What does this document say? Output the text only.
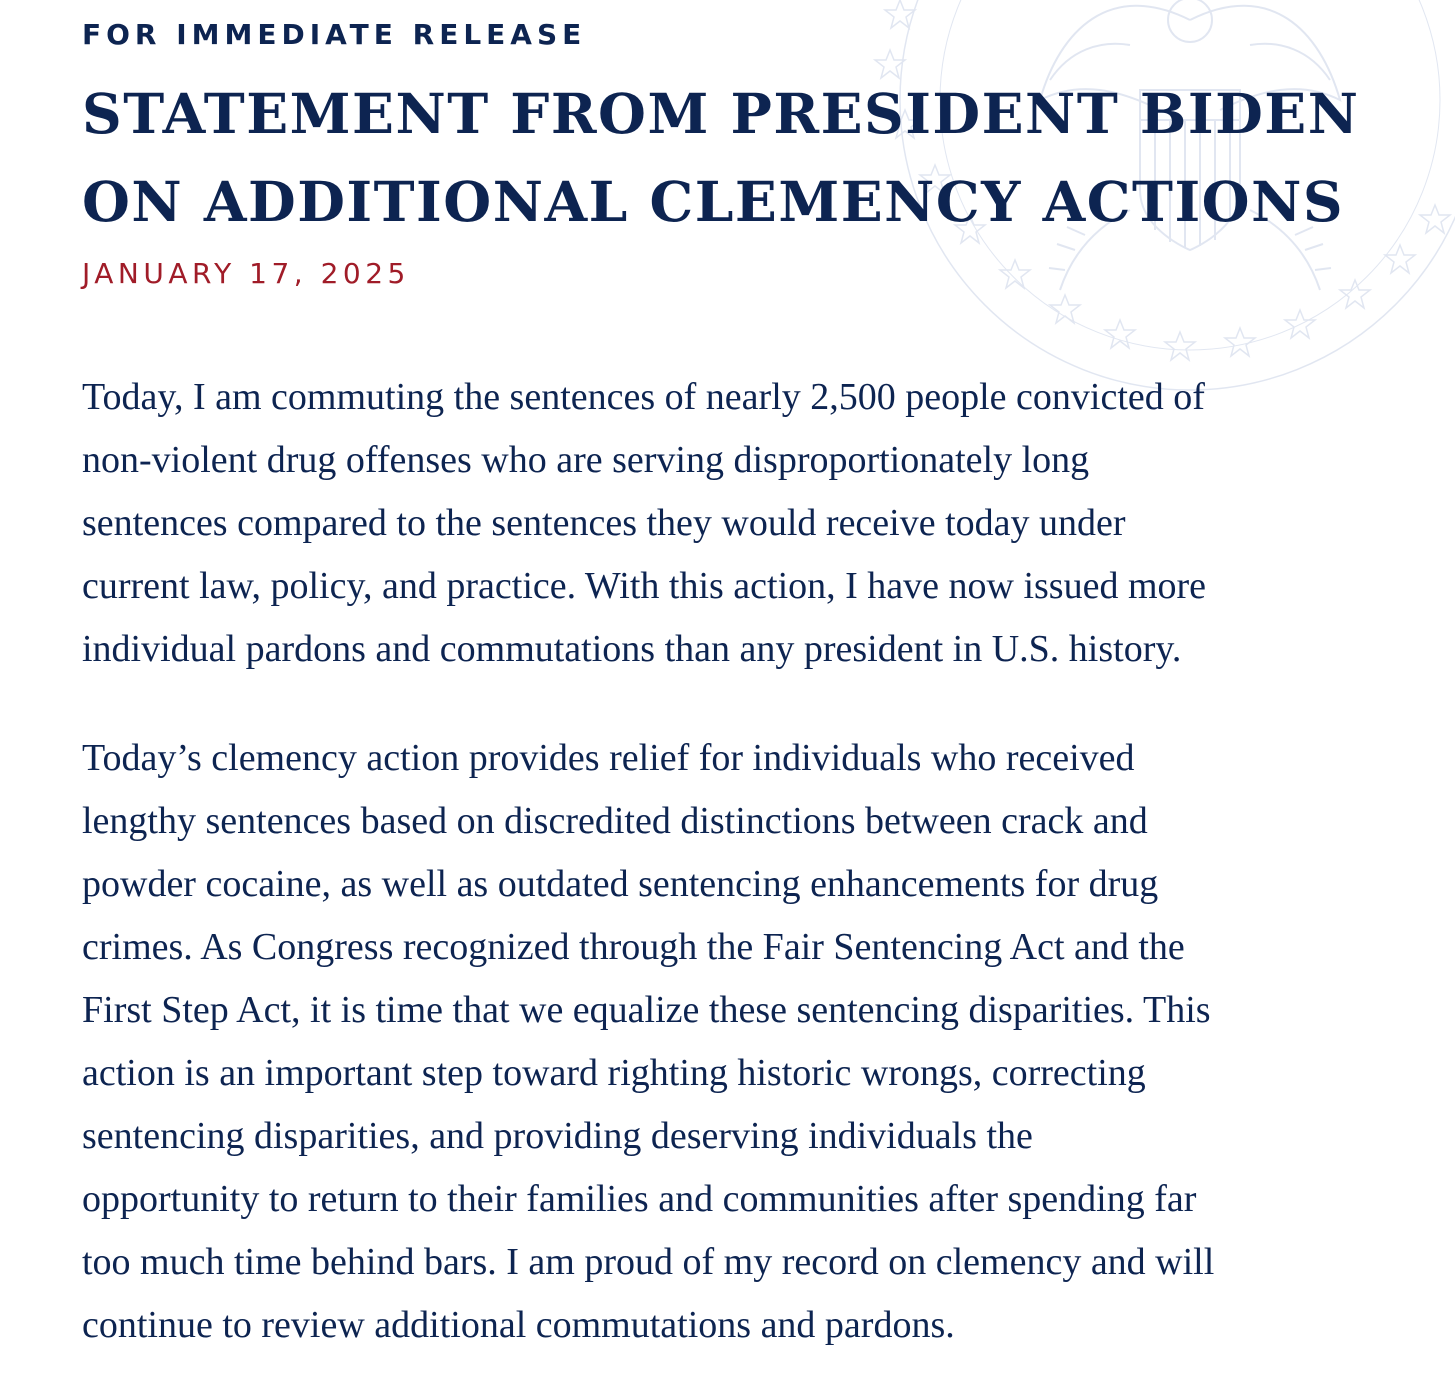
FOR IMMEDIATE RELEASE

STATEMENT FROM PRESIDENT BIDEN
ON ADDITIONAL CLEMENCY ACTIONS

JANUARY 17, 2025

Today, I am commuting the sentences of nearly 2,500 people convicted of
non-violent drug offenses who are serving disproportionately long
sentences compared to the sentences they would receive today under
current law, policy, and practice. With this action, I have now issued more
individual pardons and commutations than any president in U.S. history.

Today’s clemency action provides relief for individuals who received
lengthy sentences based on discredited distinctions between crack and
powder cocaine, as well as outdated sentencing enhancements for drug
crimes. As Congress recognized through the Fair Sentencing Act and the
First Step Act, it is time that we equalize these sentencing disparities. This
action is an important step toward righting historic wrongs, correcting
sentencing disparities, and providing deserving individuals the
opportunity to return to their families and communities after spending far
too much time behind bars. I am proud of my record on clemency and will
continue to review additional commutations and pardons.
